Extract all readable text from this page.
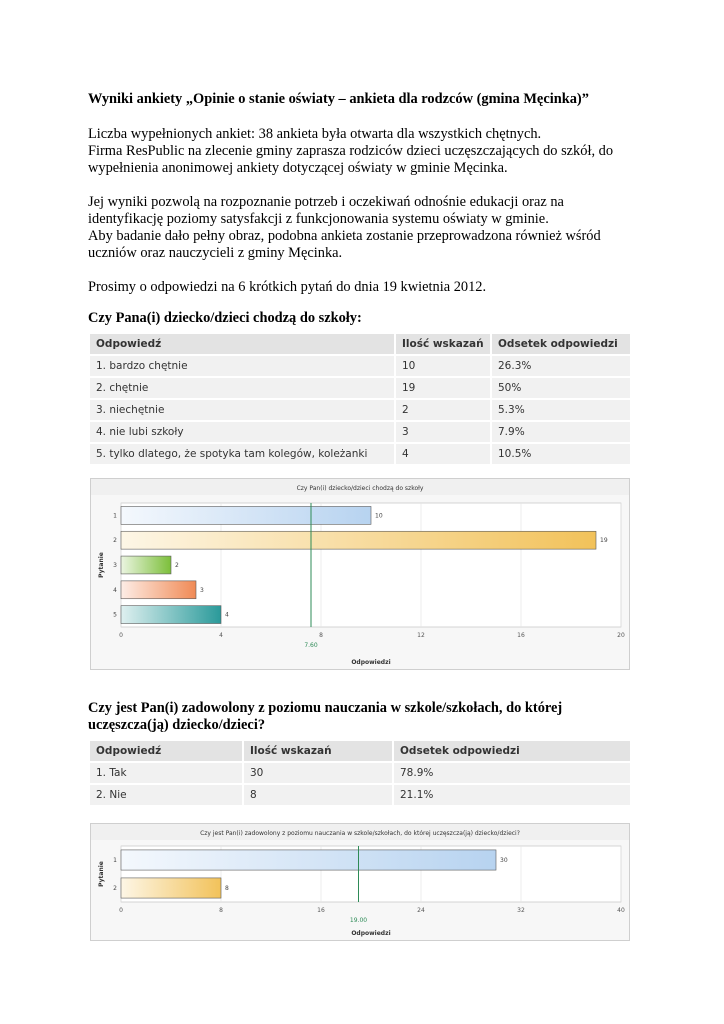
Wyniki ankiety „Opinie o stanie oświaty – ankieta dla rodzców (gmina Męcinka)”
Liczba wypełnionych ankiet: 38 ankieta była otwarta dla wszystkich chętnych.
Firma ResPublic na zlecenie gminy zaprasza rodziców dzieci uczęszczających do szkół, do
wypełnienia anonimowej ankiety dotyczącej oświaty w gminie Męcinka.
Jej wyniki pozwolą na rozpoznanie potrzeb i oczekiwań odnośnie edukacji oraz na
identyfikację poziomy satysfakcji z funkcjonowania systemu oświaty w gminie.
Aby badanie dało pełny obraz, podobna ankieta zostanie przeprowadzona również wśród
uczniów oraz nauczycieli z gminy Męcinka.
Prosimy o odpowiedzi na 6 krótkich pytań do dnia 19 kwietnia 2012.
Czy Pana(i) dziecko/dzieci chodzą do szkoły:
Odpowiedź	Ilość wskazań	Odsetek odpowiedzi
1. bardzo chętnie	10	26.3%
2. chętnie	19	50%
3. niechętnie	2	5.3%
4. nie lubi szkoły	3	7.9%
5. tylko dlatego, że spotyka tam kolegów, koleżanki	4	10.5%
Czy Pan(i) dziecko/dzieci chodzą do szkoły
0	4	8	12	16	20
10
1
19
2
2
3
3
4
4
5
7.60
Odpowiedzi
Pytanie
Czy jest Pan(i) zadowolony z poziomu nauczania w szkole/szkołach, do której
uczęszcza(ją) dziecko/dzieci?
Odpowiedź	Ilość wskazań	Odsetek odpowiedzi
1. Tak	30	78.9%
2. Nie	8	21.1%
Czy jest Pan(i) zadowolony z poziomu nauczania w szkole/szkołach, do której uczęszcza(ją) dziecko/dzieci?
0	8	16	24	32	40
30
1
8
2
19.00
Odpowiedzi
Pytanie
